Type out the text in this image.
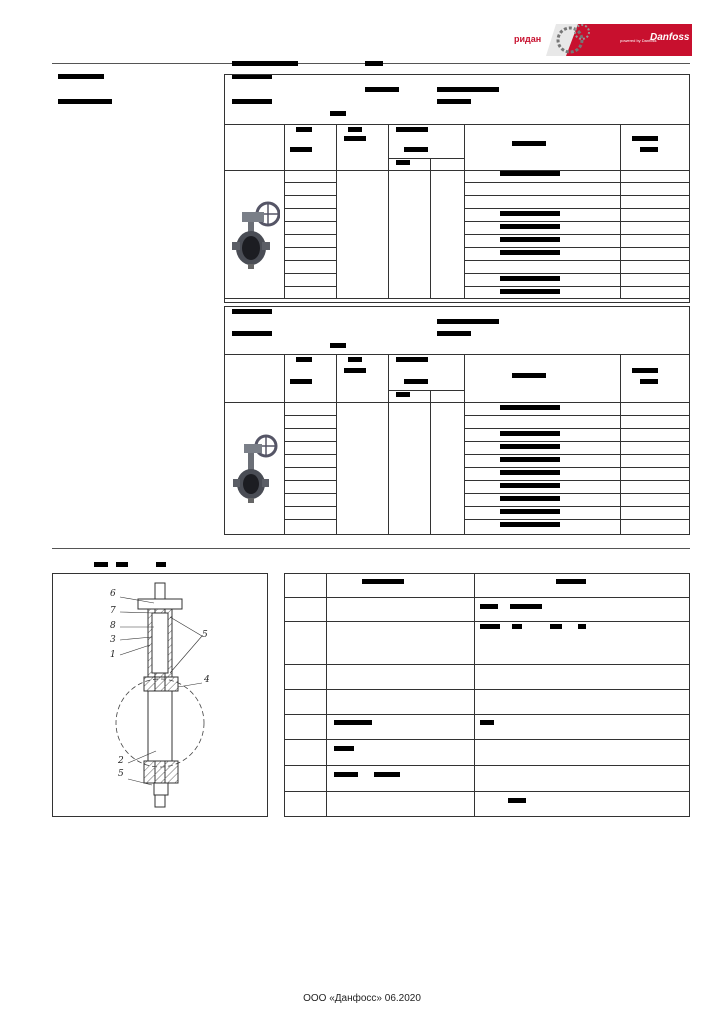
ридан	powered by Danfoss
Danfoss
6
7
8
3
1
5
4
2
5
ООО «Данфосс» 06.2020
